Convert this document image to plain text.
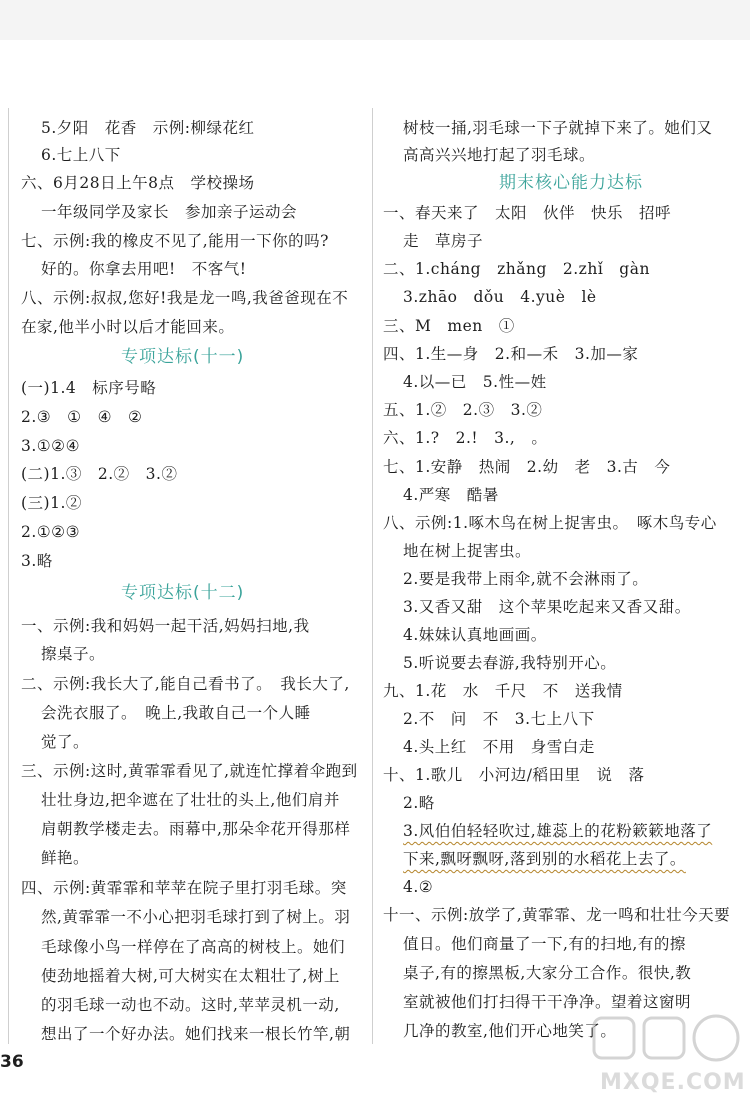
5.夕阳　花香　示例:柳绿花红
6.七上八下
六、6月28日上午8点　学校操场
一年级同学及家长　参加亲子运动会
七、示例:我的橡皮不见了,能用一下你的吗?
好的。你拿去用吧!　不客气!
八、示例:叔叔,您好!我是龙一鸣,我爸爸现在不
在家,他半小时以后才能回来。
专项达标(十一)
(一)1.4　标序号略
2.③　①　④　②
3.①②④
(二)1.③　2.②　3.②
(三)1.②
2.①②③
3.略
专项达标(十二)
一、示例:我和妈妈一起干活,妈妈扫地,我
擦桌子。
二、示例:我长大了,能自己看书了。　我长大了,
会洗衣服了。　晚上,我敢自己一个人睡
觉了。
三、示例:这时,黄霏霏看见了,就连忙撑着伞跑到
壮壮身边,把伞遮在了壮壮的头上,他们肩并
肩朝教学楼走去。雨幕中,那朵伞花开得那样
鲜艳。
四、示例:黄霏霏和苹苹在院子里打羽毛球。突
然,黄霏霏一不小心把羽毛球打到了树上。羽
毛球像小鸟一样停在了高高的树枝上。她们
使劲地摇着大树,可大树实在太粗壮了,树上
的羽毛球一动也不动。这时,苹苹灵机一动,
想出了一个好办法。她们找来一根长竹竿,朝
树枝一捅,羽毛球一下子就掉下来了。她们又
高高兴兴地打起了羽毛球。
期末核心能力达标
一、春天来了　太阳　伙伴　快乐　招呼
走　草房子
二、1.cháng　zhǎng　2.zhǐ　gàn
3.zhāo　dǒu　4.yuè　lè
三、M　men　①
四、1.生—身　2.和—禾　3.加—家
4.以—已　5.性—姓
五、1.②　2.③　3.②
六、1.?　2.!　3.,　。
七、1.安静　热闹　2.幼　老　3.古　今
4.严寒　酷暑
八、示例:1.啄木鸟在树上捉害虫。　啄木鸟专心
地在树上捉害虫。
2.要是我带上雨伞,就不会淋雨了。
3.又香又甜　这个苹果吃起来又香又甜。
4.妹妹认真地画画。
5.听说要去春游,我特别开心。
九、1.花　水　千尺　不　送我情
2.不　问　不　3.七上八下
4.头上红　不用　身雪白走
十、1.歌儿　小河边/稻田里　说　落
2.略
3.风伯伯轻轻吹过,雄蕊上的花粉簌簌地落了
下来,飘呀飘呀,落到别的水稻花上去了。
4.②
十一、示例:放学了,黄霏霏、龙一鸣和壮壮今天要
值日。他们商量了一下,有的扫地,有的擦
桌子,有的擦黑板,大家分工合作。很快,教
室就被他们打扫得干干净净。望着这窗明
几净的教室,他们开心地笑了。
36
MXQE.COM
